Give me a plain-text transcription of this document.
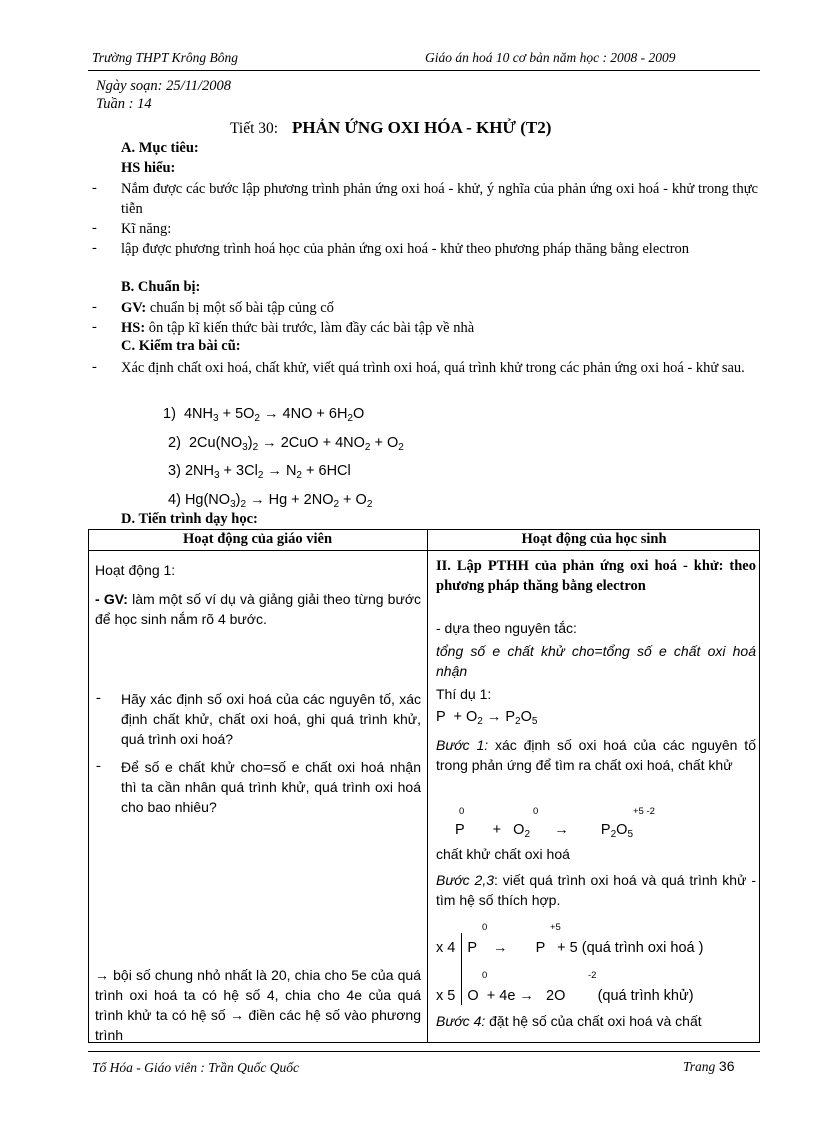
Trường THPT Krông Bông	Giáo án hoá 10 cơ bản năm học : 2008 - 2009
Ngày soạn: 25/11/2008
Tuần : 14
Tiết 30: PHẢN ỨNG OXI HÓA - KHỬ (T2)
A. Mục tiêu:
HS hiểu:
- Nắm được các bước lập phương trình phản ứng oxi hoá - khử, ý nghĩa của phản ứng oxi hoá - khử trong thực tiễn
- Kĩ năng:
- lập được phương trình hoá học của phản ứng oxi hoá - khử theo phương pháp thăng bằng electron
B. Chuẩn bị:
- GV: chuẩn bị một số bài tập củng cố
- HS: ôn tập kĩ kiến thức bài trước, làm đầy các bài tập về nhà
C. Kiểm tra bài cũ:
- Xác định chất oxi hoá, chất khử, viết quá trình oxi hoá, quá trình khử trong các phản ứng oxi hoá - khử sau.
1) $4NH_3 + 5O_2 \to 4NO + 6H_2O$
2) $2Cu(NO_3)_2 \to 2CuO + 4NO_2 + O_2$
3) $2NH_3 + 3Cl_2 \to N_2 + 6HCl$
4) $Hg(NO_3)_2 \to Hg + 2NO_2 + O_2$
D. Tiến trình dạy học:
Hoạt động của giáo viên	Hoạt động của học sinh
Hoạt động 1:
- GV: làm một số ví dụ và giảng giải theo từng bước để học sinh nắm rõ 4 bước.
- Hãy xác định số oxi hoá của các nguyên tố, xác định chất khử, chất oxi hoá, ghi quá trình khử, quá trình oxi hoá?
- Để số e chất khử cho=số e chất oxi hoá nhận thì ta cần nhân quá trình khử, quá trình oxi hoá cho bao nhiêu?
→ bội số chung nhỏ nhất là 20, chia cho 5e của quá trình oxi hoá ta có hệ số 4, chia cho 4e của quá trình khử ta có hệ số → điền các hệ số vào phương trình
II. Lập PTHH của phản ứng oxi hoá - khử: theo phương pháp thăng bằng electron
- dựa theo nguyên tắc:
tổng số e chất khử cho=tổng số e chất oxi hoá nhận
Thí dụ 1:
$P + O_2 \to P_2O_5$
Bước 1: xác định số oxi hoá của các nguyên tố trong phản ứng để tìm ra chất oxi hoá, chất khử
0	0	+5 -2
P       +   $O_2$ →        $P_2O_5$
chất khử chất oxi hoá
Bước 2,3: viết quá trình oxi hoá và quá trình khử - tìm hệ số thích hợp.
0	+5
x 4   P    →       P   + 5 (quá trình oxi hoá )
0	-2
x 5   O  + 4e → 2O (quá trình khử)
Bước 4: đặt hệ số của chất oxi hoá và chất
Tổ Hóa - Giáo viên : Trần Quốc Quốc	Trang 36
